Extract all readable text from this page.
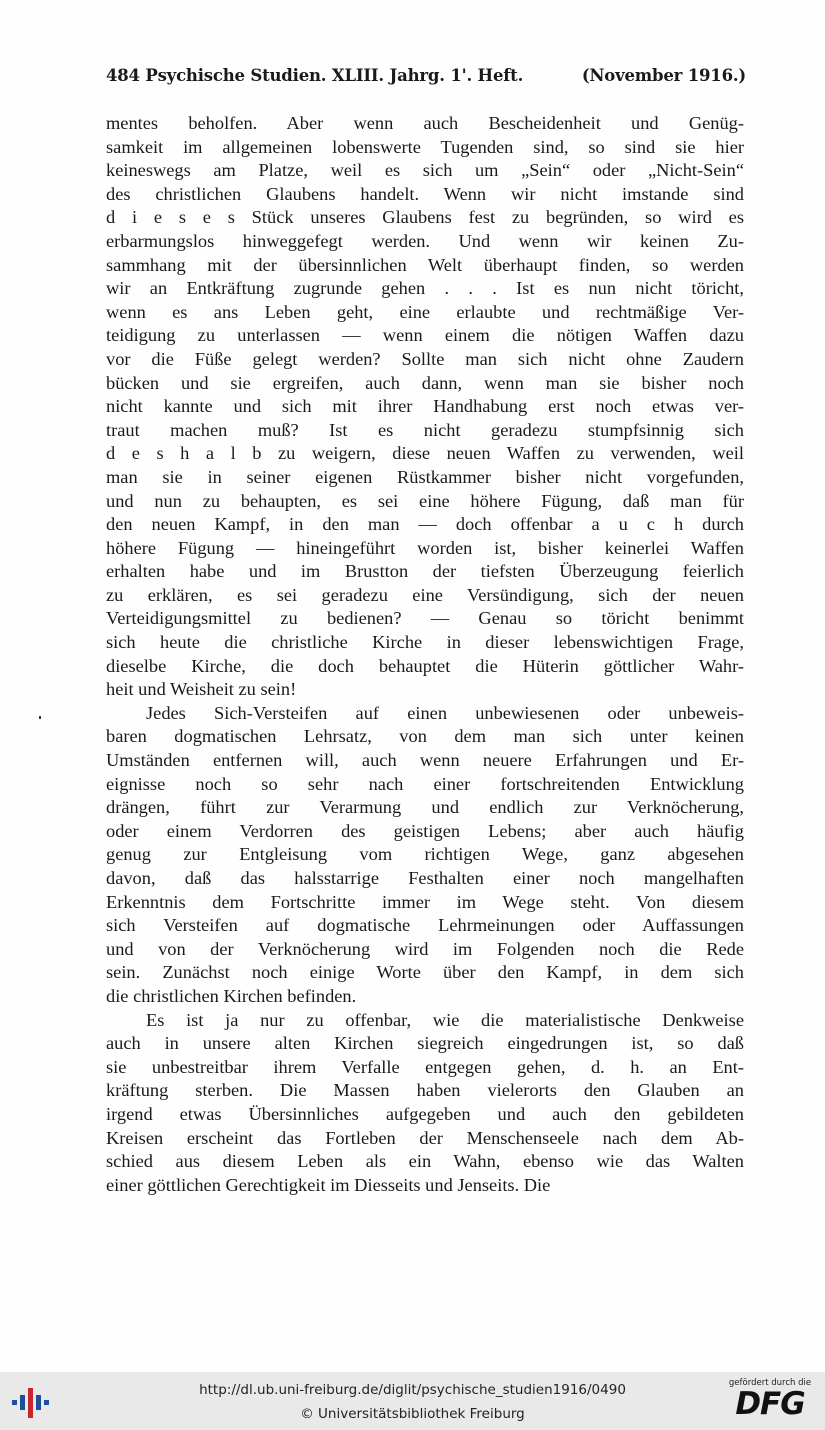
484 Psychische Studien. XLIII. Jahrg. 1'. Heft.	(November 1916.)
mentes beholfen. Aber wenn auch Bescheidenheit und Genüg-
samkeit im allgemeinen lobenswerte Tugenden sind, so sind sie hier
keineswegs am Platze, weil es sich um „Sein“ oder „Nicht-Sein“
des christlichen Glaubens handelt. Wenn wir nicht imstande sind
d i e s e s Stück unseres Glaubens fest zu begründen, so wird es
erbarmungslos hinweggefegt werden. Und wenn wir keinen Zu-
sammhang mit der übersinnlichen Welt überhaupt finden, so werden
wir an Entkräftung zugrunde gehen . . . Ist es nun nicht töricht,
wenn es ans Leben geht, eine erlaubte und rechtmäßige Ver-
teidigung zu unterlassen — wenn einem die nötigen Waffen dazu
vor die Füße gelegt werden? Sollte man sich nicht ohne Zaudern
bücken und sie ergreifen, auch dann, wenn man sie bisher noch
nicht kannte und sich mit ihrer Handhabung erst noch etwas ver-
traut machen muß? Ist es nicht geradezu stumpfsinnig sich
d e s h a l b zu weigern, diese neuen Waffen zu verwenden, weil
man sie in seiner eigenen Rüstkammer bisher nicht vorgefunden,
und nun zu behaupten, es sei eine höhere Fügung, daß man für
den neuen Kampf, in den man — doch offenbar a u c h durch
höhere Fügung — hineingeführt worden ist, bisher keinerlei Waffen
erhalten habe und im Brustton der tiefsten Überzeugung feierlich
zu erklären, es sei geradezu eine Versündigung, sich der neuen
Verteidigungsmittel zu bedienen? — Genau so töricht benimmt
sich heute die christliche Kirche in dieser lebenswichtigen Frage,
dieselbe Kirche, die doch behauptet die Hüterin göttlicher Wahr-
heit und Weisheit zu sein!
Jedes Sich-Versteifen auf einen unbewiesenen oder unbeweis-
baren dogmatischen Lehrsatz, von dem man sich unter keinen
Umständen entfernen will, auch wenn neuere Erfahrungen und Er-
eignisse noch so sehr nach einer fortschreitenden Entwicklung
drängen, führt zur Verarmung und endlich zur Verknöcherung,
oder einem Verdorren des geistigen Lebens; aber auch häufig
genug zur Entgleisung vom richtigen Wege, ganz abgesehen
davon, daß das halsstarrige Festhalten einer noch mangelhaften
Erkenntnis dem Fortschritte immer im Wege steht. Von diesem
sich Versteifen auf dogmatische Lehrmeinungen oder Auffassungen
und von der Verknöcherung wird im Folgenden noch die Rede
sein. Zunächst noch einige Worte über den Kampf, in dem sich
die christlichen Kirchen befinden.
Es ist ja nur zu offenbar, wie die materialistische Denkweise
auch in unsere alten Kirchen siegreich eingedrungen ist, so daß
sie unbestreitbar ihrem Verfalle entgegen gehen, d. h. an Ent-
kräftung sterben. Die Massen haben vielerorts den Glauben an
irgend etwas Übersinnliches aufgegeben und auch den gebildeten
Kreisen erscheint das Fortleben der Menschenseele nach dem Ab-
schied aus diesem Leben als ein Wahn, ebenso wie das Walten
einer göttlichen Gerechtigkeit im Diesseits und Jenseits. Die
http://dl.ub.uni-freiburg.de/diglit/psychische_studien1916/0490
© Universitätsbibliothek Freiburg
gefördert durch die
DFG
